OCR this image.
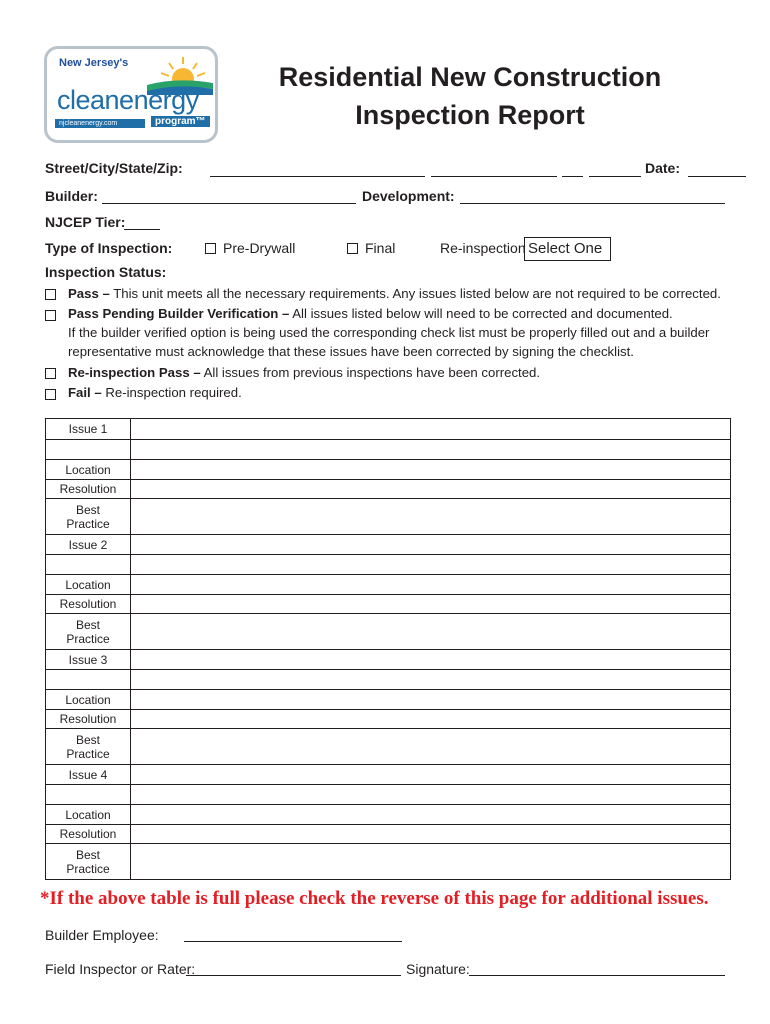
New Jersey's
cleanenergy
njcleanenergy.com	program™
Residential New Construction
Inspection Report
Street/City/State/Zip:	Date:
Builder:	Development:
NJCEP Tier:
Type of Inspection:	Pre-Drywall	Final	Re-inspection Select One
Inspection Status:
Pass – This unit meets all the necessary requirements. Any issues listed below are not required to be corrected.
Pass Pending Builder Verification – All issues listed below will need to be corrected and documented.
If the builder verified option is being used the corresponding check list must be properly filled out and a builder
representative must acknowledge that these issues have been corrected by signing the checklist.
Re-inspection Pass – All issues from previous inspections have been corrected.
Fail – Re-inspection required.
Issue 1	

Location	
Resolution	
Best
Practice	
Issue 2	

Location	
Resolution	
Best
Practice	
Issue 3	

Location	
Resolution	
Best
Practice	
Issue 4	

Location	
Resolution	
Best
Practice	
*If the above table is full please check the reverse of this page for additional issues.
Builder Employee:
Field Inspector or Rater:	Signature:
